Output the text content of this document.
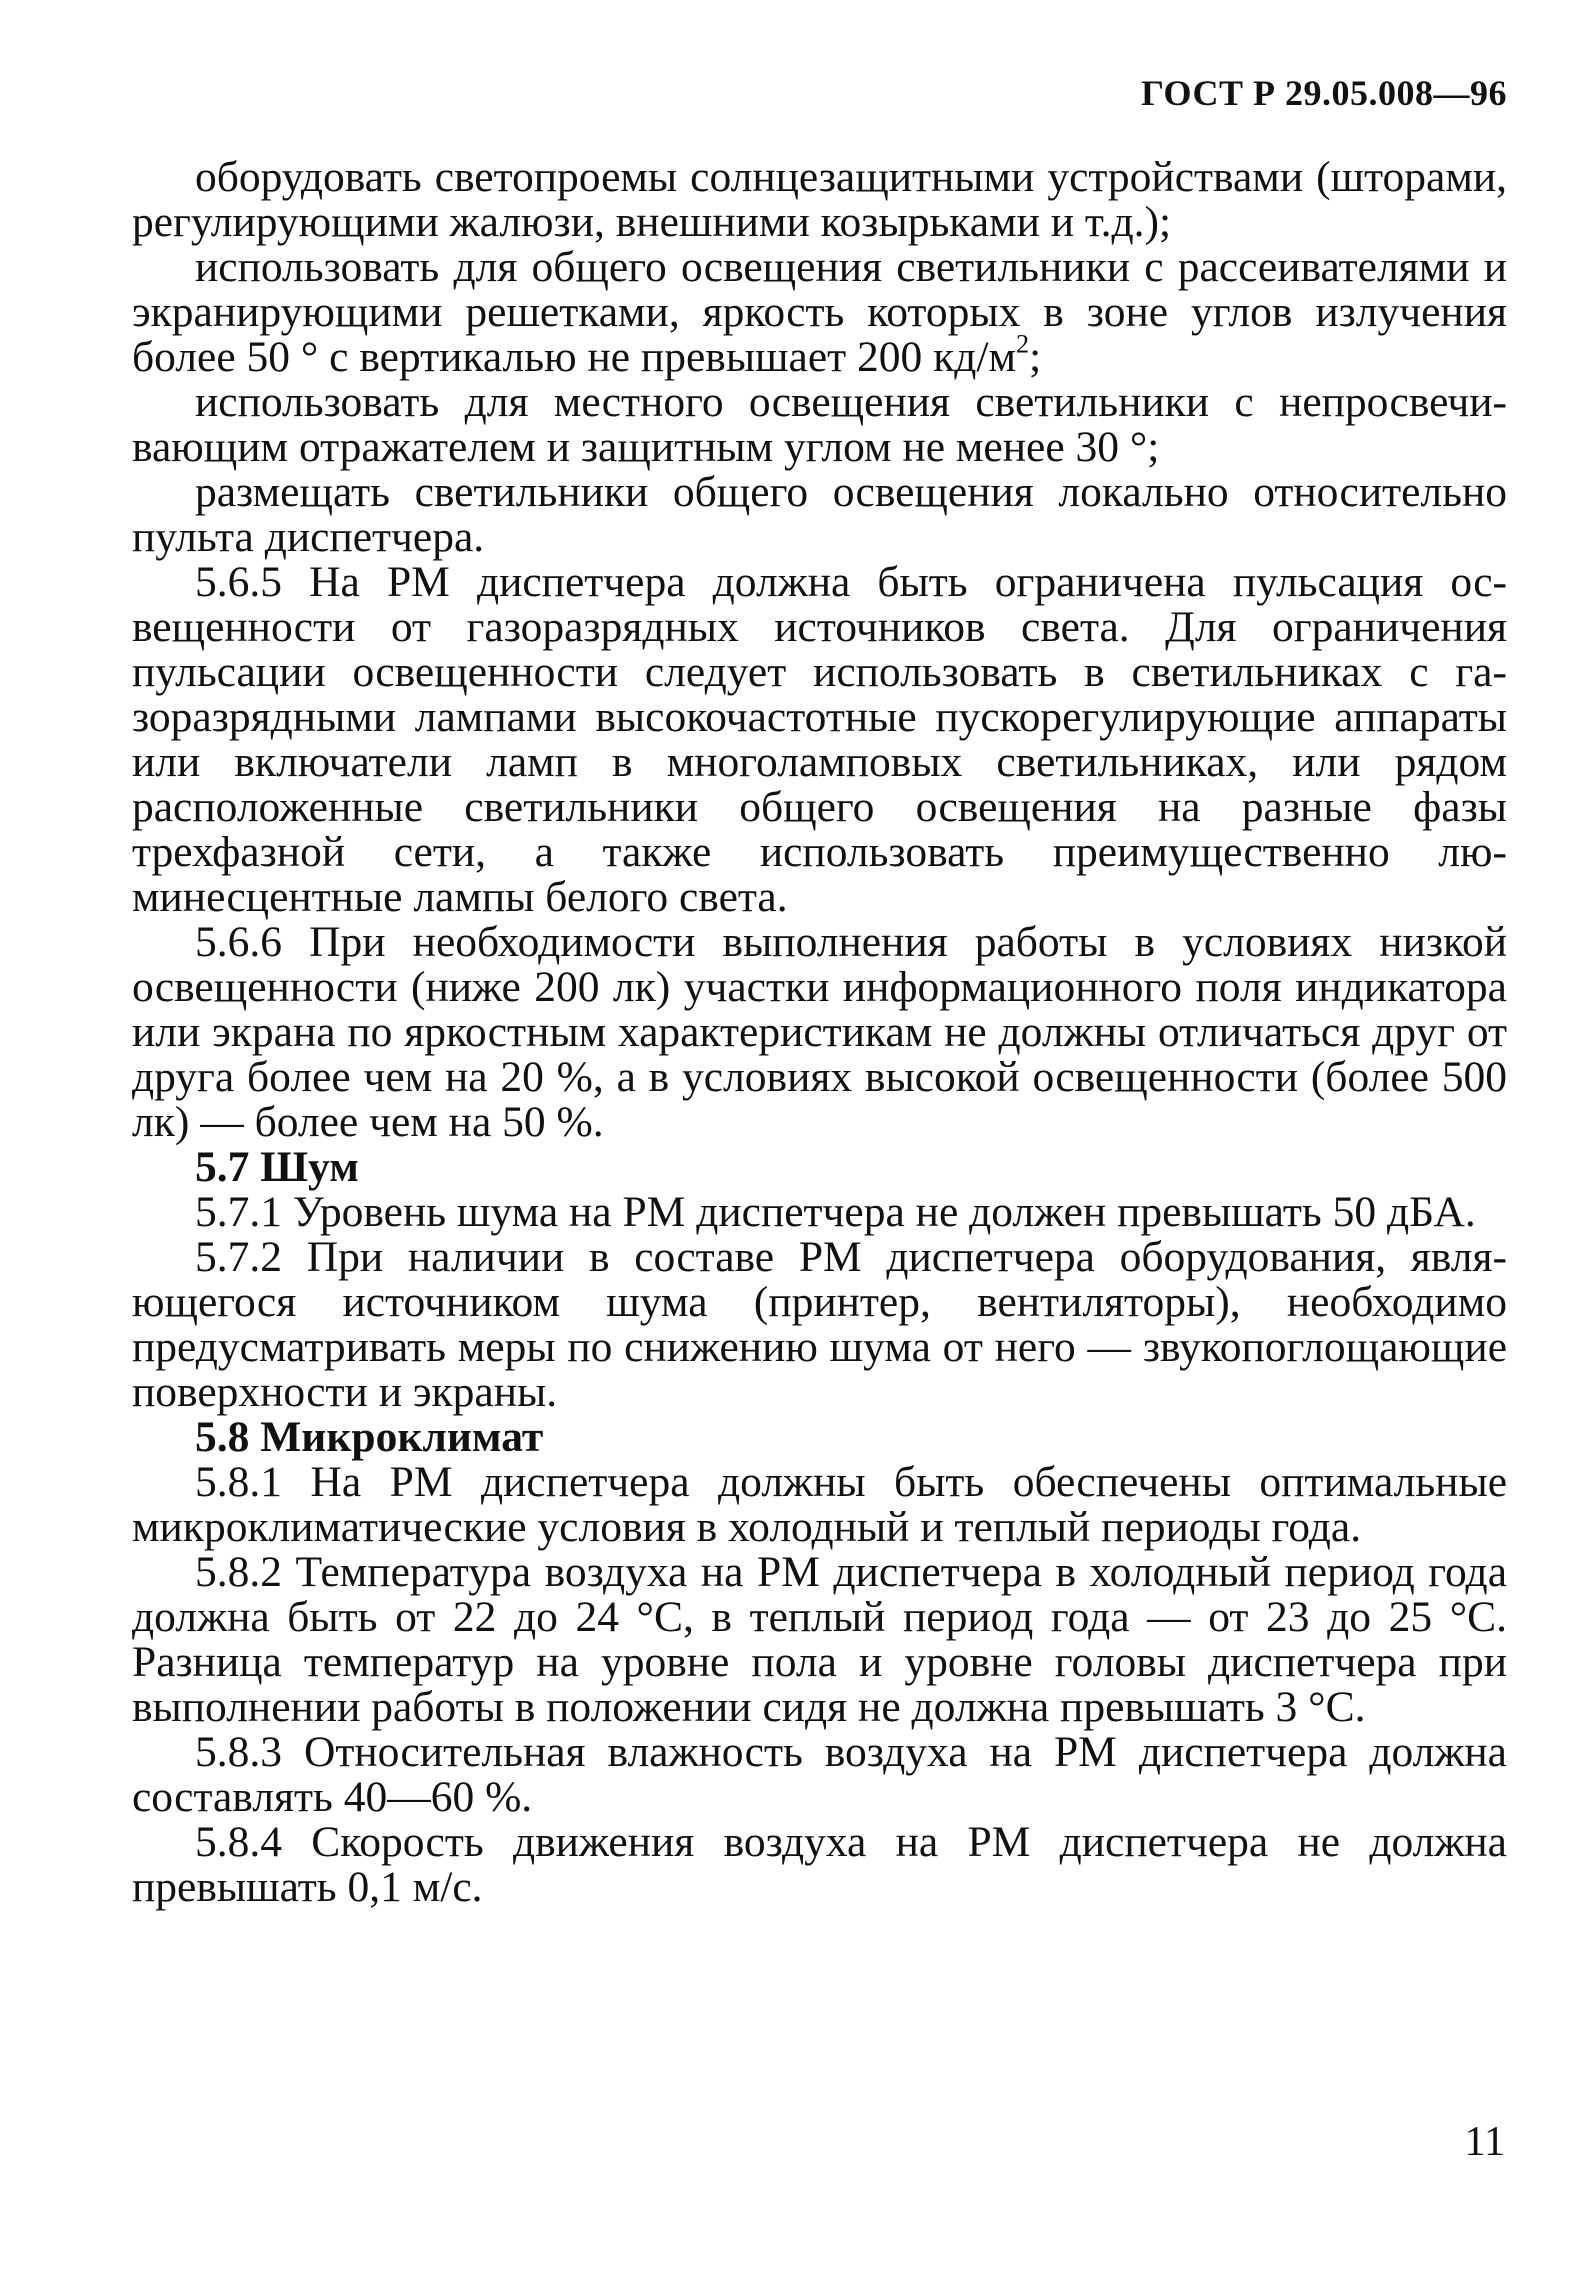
ГОСТ Р 29.05.008—96

оборудовать светопроемы солнцезащитными устройствами (шторами, регулирующими жалюзи, внешними козырьками и т.д.);

использовать для общего освещения светильники с рассеивателями и экранирующими решетками, яркость которых в зоне углов излучения более 50 ° с вертикалью не превышает 200 $кд/м^2$;

использовать для местного освещения светильники с непросвечивающим отражателем и защитным углом не менее 30 °;

размещать светильники общего освещения локально относительно пульта диспетчера.

5.6.5 На РМ диспетчера должна быть ограничена пульсация освещенности от газоразрядных источников света. Для ограничения пульсации освещенности следует использовать в светильниках с газоразрядными лампами высокочастотные пускорегулирующие аппараты или включатели ламп в многоламповых светильниках, или рядом расположенные светильники общего освещения на разные фазы трехфазной сети, а также использовать преимущественно люминесцентные лампы белого света.

5.6.6 При необходимости выполнения работы в условиях низкой освещенности (ниже 200 лк) участки информационного поля индикатора или экрана по яркостным характеристикам не должны отличаться друг от друга более чем на 20 %, а в условиях высокой освещенности (более 500 лк) — более чем на 50 %.

5.7 Шум

5.7.1 Уровень шума на РМ диспетчера не должен превышать 50 дБА.

5.7.2 При наличии в составе РМ диспетчера оборудования, являющегося источником шума (принтер, вентиляторы), необходимо предусматривать меры по снижению шума от него — звукопоглощающие поверхности и экраны.

5.8 Микроклимат

5.8.1 На РМ диспетчера должны быть обеспечены оптимальные микроклиматические условия в холодный и теплый периоды года.

5.8.2 Температура воздуха на РМ диспетчера в холодный период года должна быть от 22 до 24 °С, в теплый период года — от 23 до 25 °С. Разница температур на уровне пола и уровне головы диспетчера при выполнении работы в положении сидя не должна превышать 3 °С.

5.8.3 Относительная влажность воздуха на РМ диспетчера должна составлять 40—60 %.

5.8.4 Скорость движения воздуха на РМ диспетчера не должна превышать 0,1 м/с.

11
